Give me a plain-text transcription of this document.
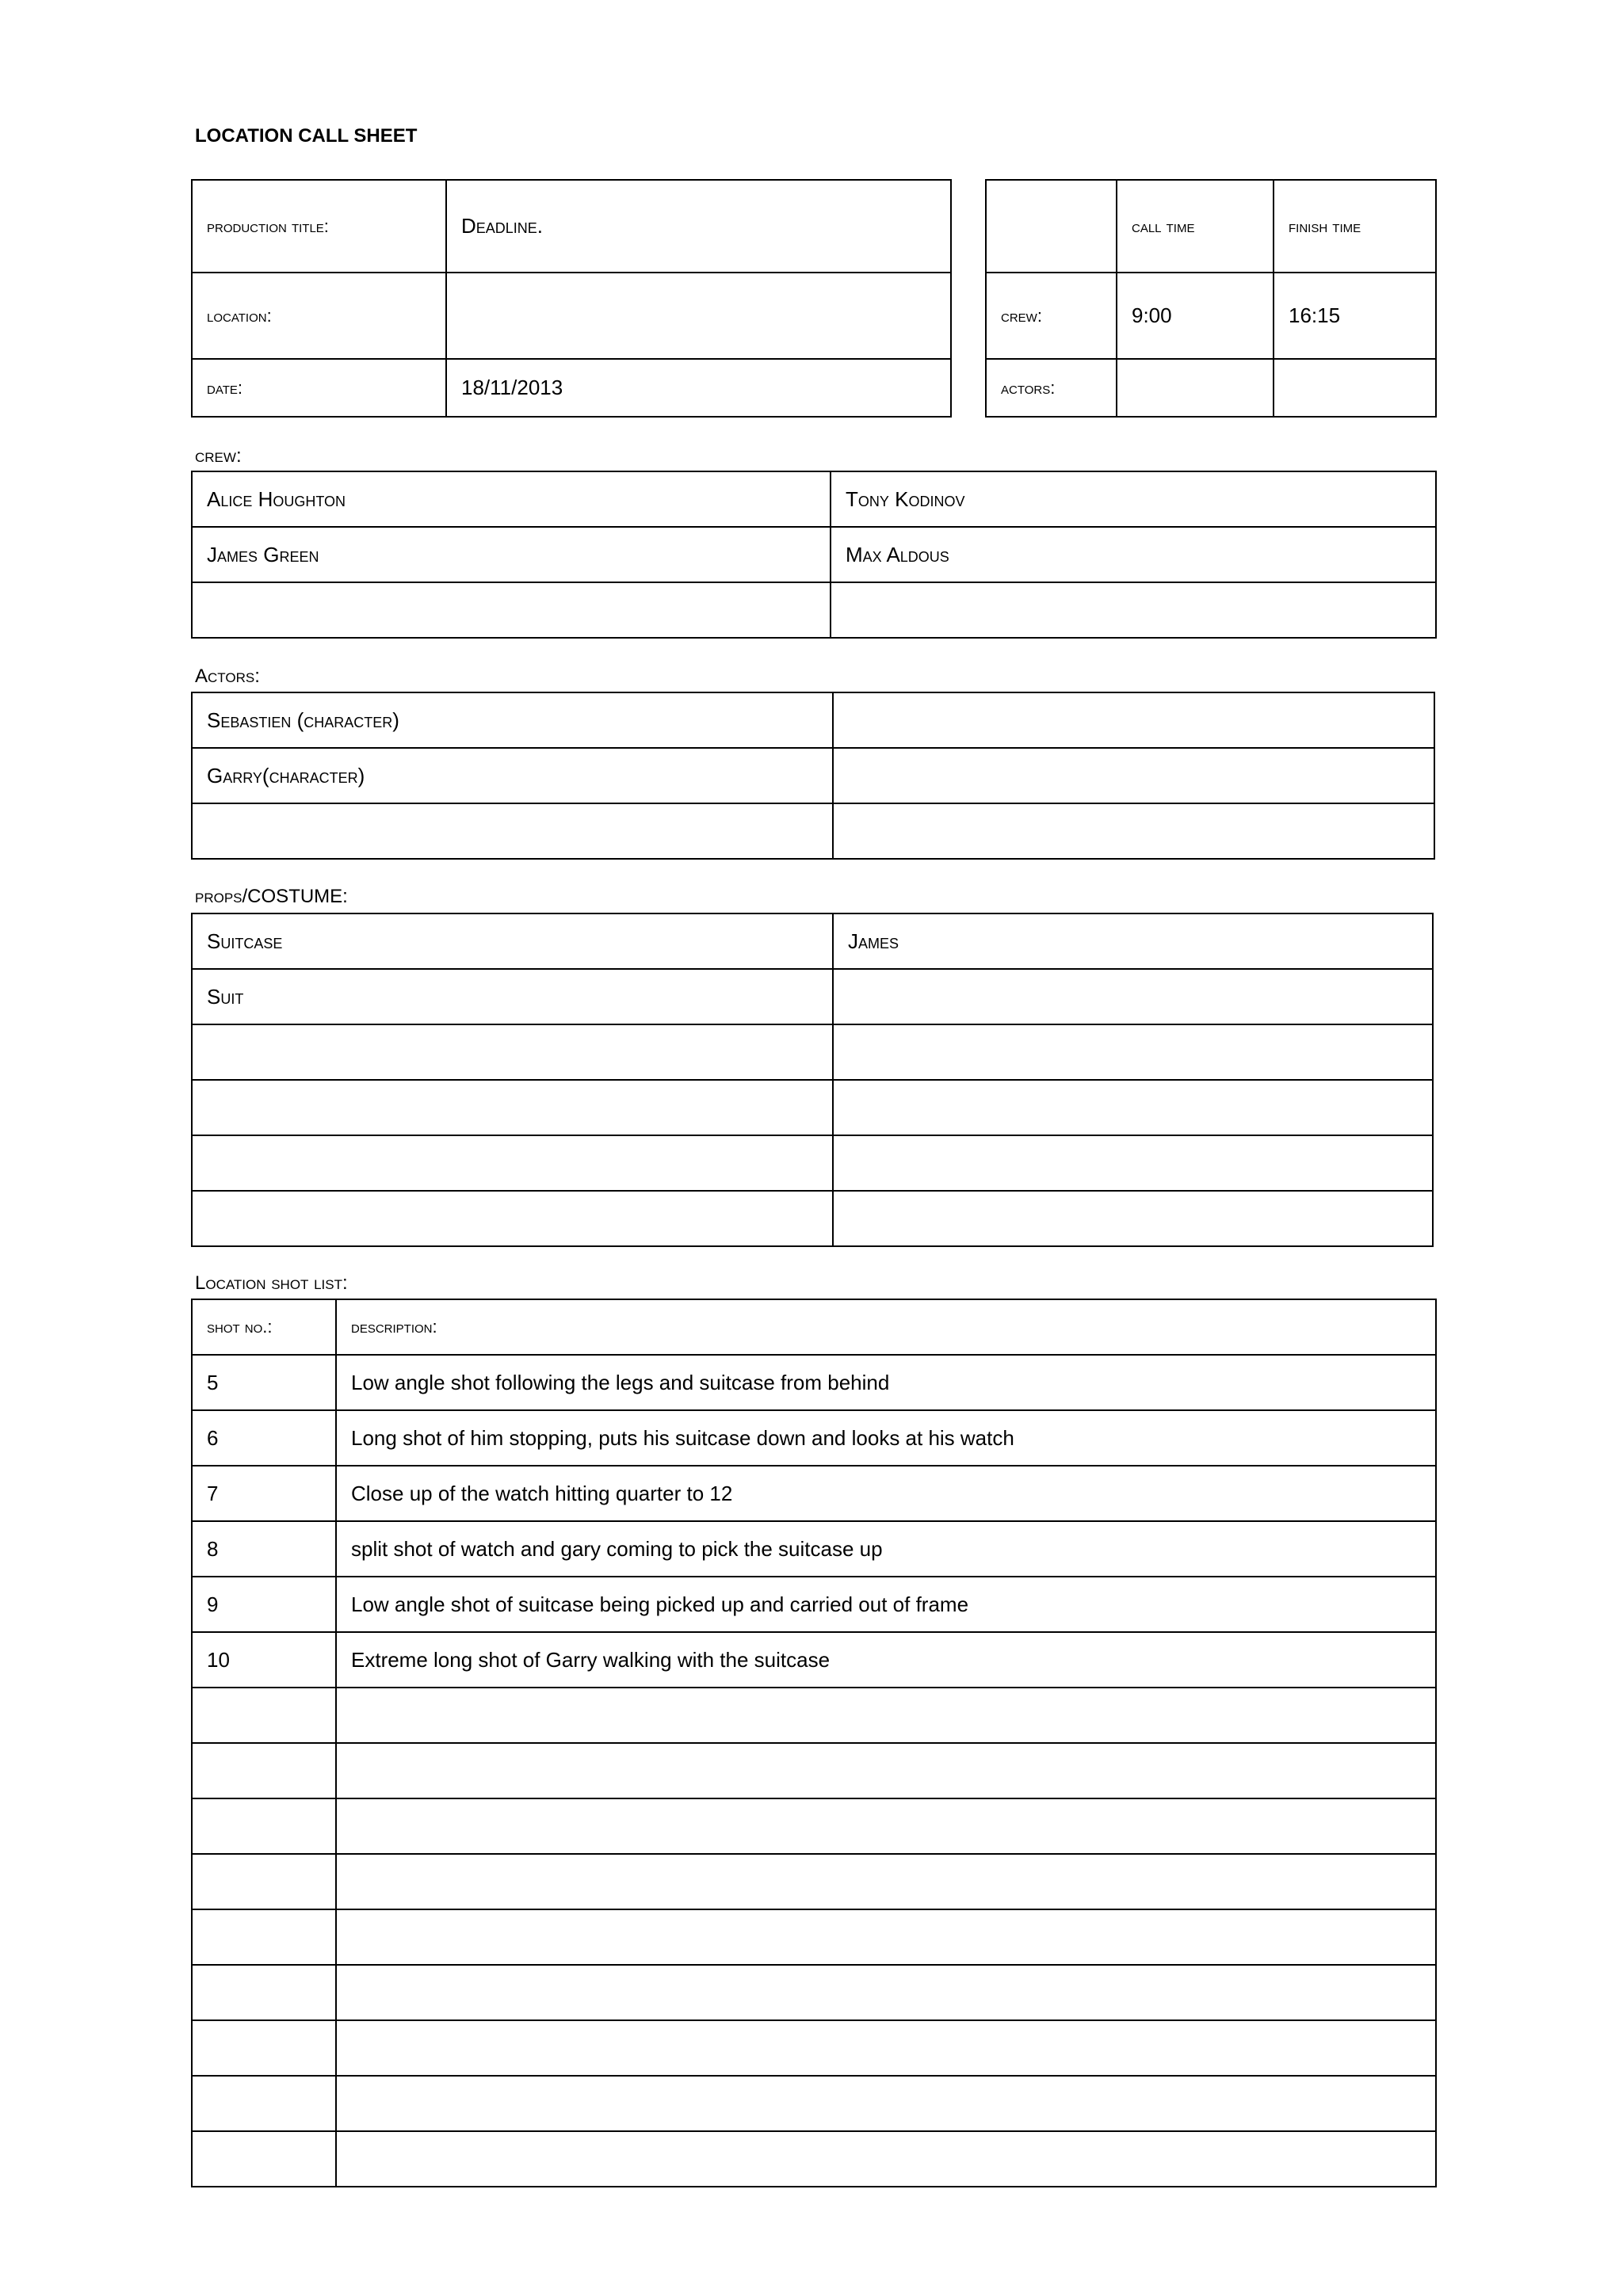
LOCATION CALL SHEET
production title:	Deadline.
location:	
date:	18/11/2013
	call time	finish time
crew:	9:00	16:15
actors:		
crew:
Alice Houghton	Tony Kodinov
James Green	Max Aldous

Actors:
Sebastien (character)	
Garry(character)	

props/COSTUME:
Suitcase	James
Suit	

Location shot list:
shot no.:	description:
5	Low angle shot following the legs and suitcase from behind
6	Long shot of him stopping, puts his suitcase down and looks at his watch
7	Close up of the watch hitting quarter to 12
8	split shot of watch and gary coming to pick the suitcase up
9	Low angle shot of suitcase being picked up and carried out of frame
10	Extreme long shot of Garry walking with the suitcase
